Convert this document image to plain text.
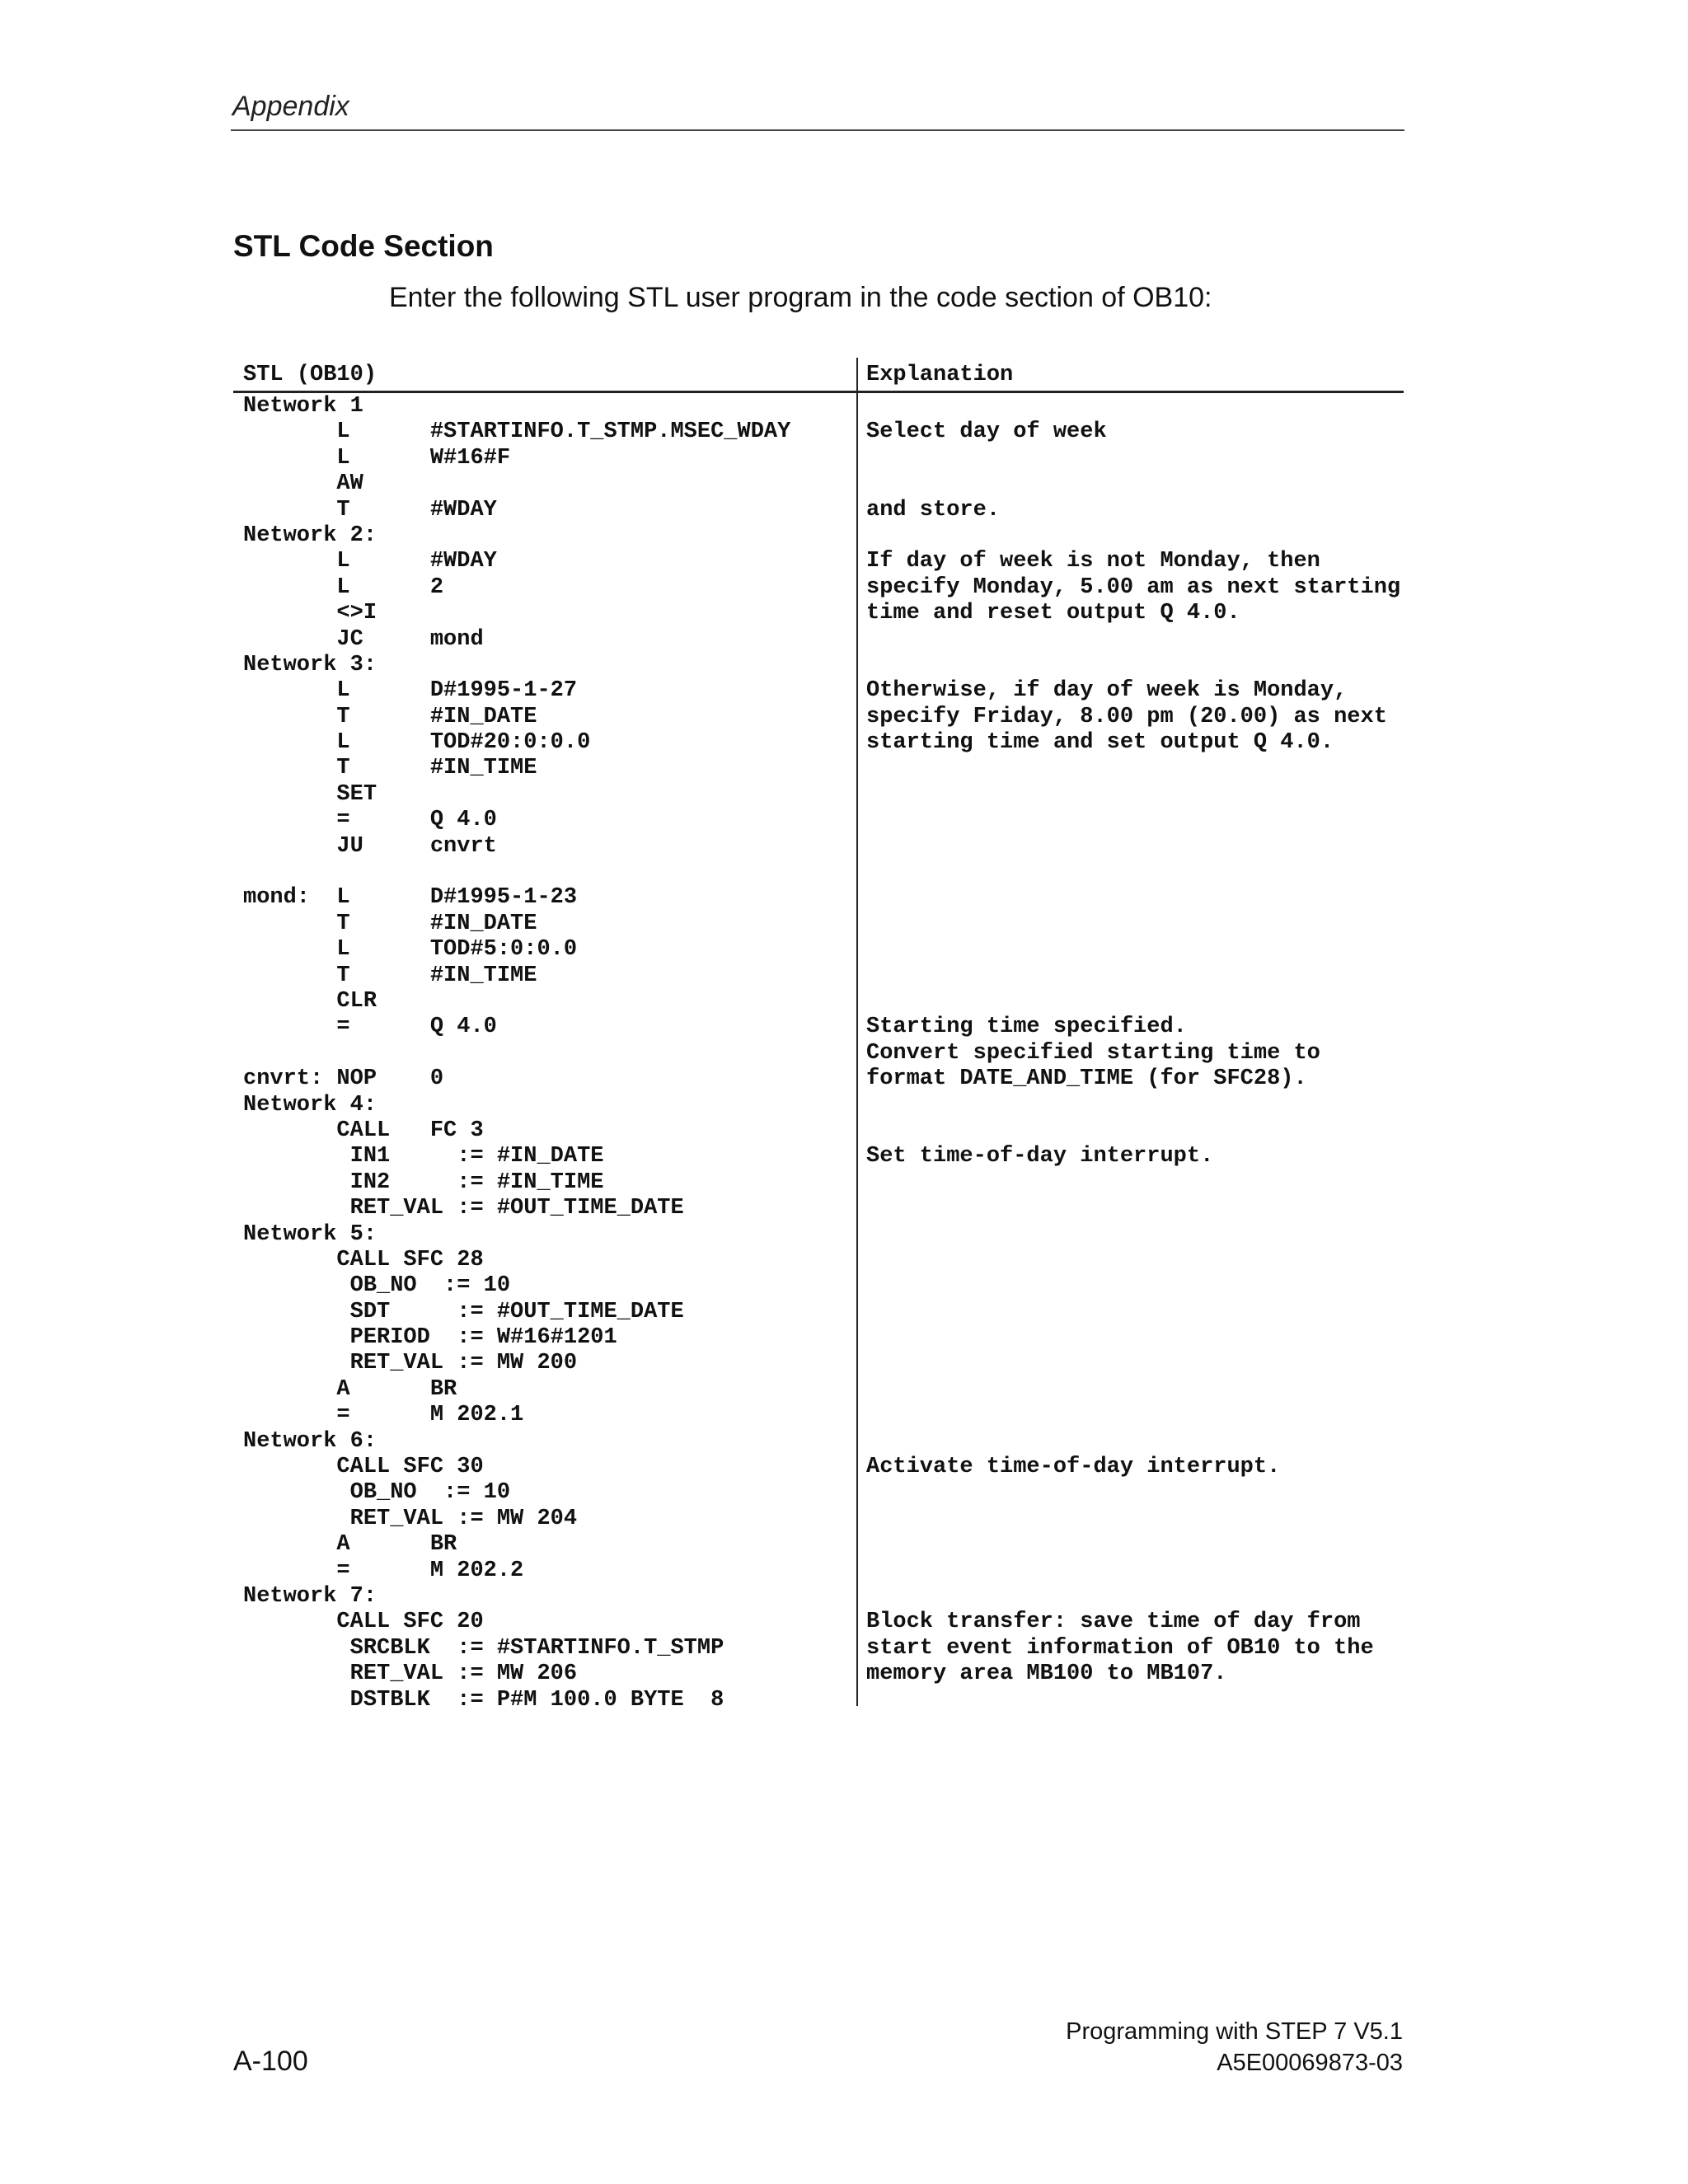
Appendix
STL Code Section
Enter the following STL user program in the code section of OB10:
STL (OB10)	Explanation
Network 1
L      #STARTINFO.T_STMP.MSEC_WDAY	Select day of week
L      W#16#F
AW
T      #WDAY	and store.
Network 2:
L      #WDAY	If day of week is not Monday, then
L      2	specify Monday, 5.00 am as next starting
<>I	time and reset output Q 4.0.
JC     mond
Network 3:
L      D#1995-1-27	Otherwise, if day of week is Monday,
T      #IN_DATE	specify Friday, 8.00 pm (20.00) as next
L      TOD#20:0:0.0	starting time and set output Q 4.0.
T      #IN_TIME
SET
=      Q 4.0
JU     cnvrt
mond:  L      D#1995-1-23
T      #IN_DATE
L      TOD#5:0:0.0
T      #IN_TIME
CLR
=      Q 4.0	Starting time specified.
Convert specified starting time to
cnvrt: NOP    0	format DATE_AND_TIME (for SFC28).
Network 4:
CALL   FC 3
IN1     := #IN_DATE	Set time-of-day interrupt.
IN2     := #IN_TIME
RET_VAL := #OUT_TIME_DATE
Network 5:
CALL SFC 28
OB_NO  := 10
SDT     := #OUT_TIME_DATE
PERIOD  := W#16#1201
RET_VAL := MW 200
A      BR
=      M 202.1
Network 6:
CALL SFC 30	Activate time-of-day interrupt.
OB_NO  := 10
RET_VAL := MW 204
A      BR
=      M 202.2
Network 7:
CALL SFC 20	Block transfer: save time of day from
SRCBLK  := #STARTINFO.T_STMP	start event information of OB10 to the
RET_VAL := MW 206	memory area MB100 to MB107.
DSTBLK  := P#M 100.0 BYTE  8
A-100
Programming with STEP 7 V5.1
A5E00069873-03
